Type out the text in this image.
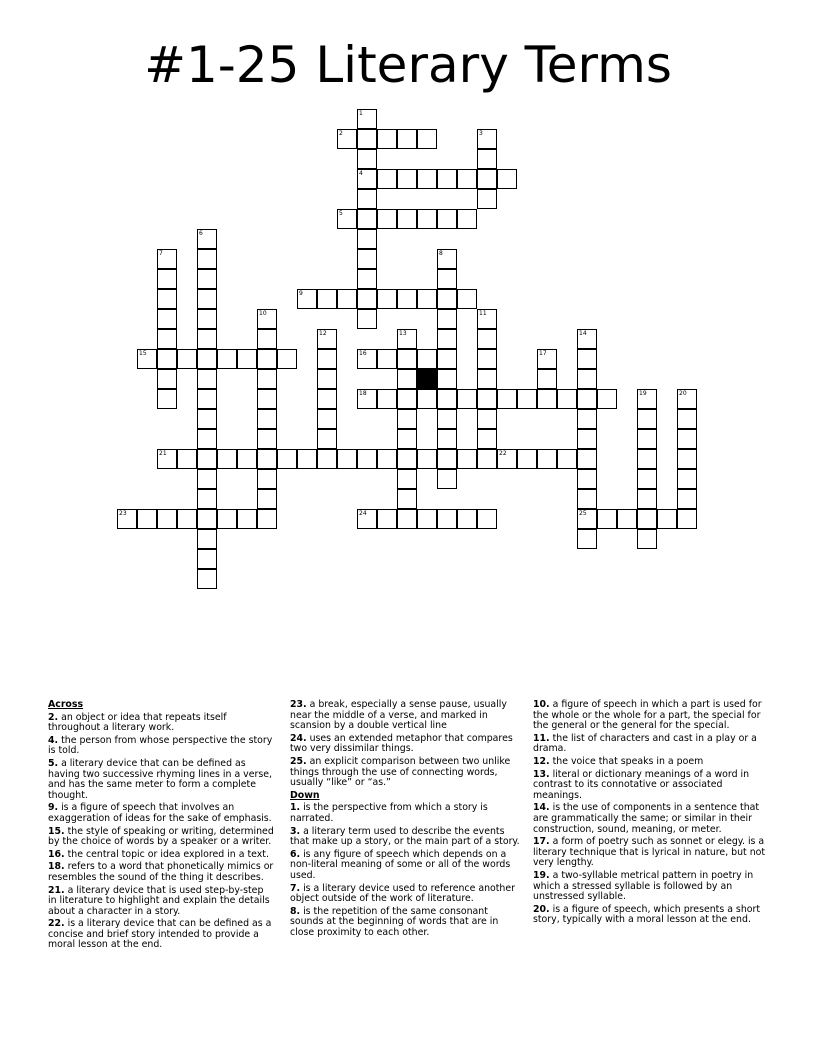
#1-25 Literary Terms
1
2	3
4
5
6
7	8
9
10	11
12	13	14
15	16	17
18	19	20
21	22
23	24	25
Across
2. an object or idea that repeats itself throughout a literary work.
4. the person from whose perspective the story is told.
5. a literary device that can be defined as having two successive rhyming lines in a verse, and has the same meter to form a complete thought.
9. is a figure of speech that involves an exaggeration of ideas for the sake of emphasis.
15. the style of speaking or writing, determined by the choice of words by a speaker or a writer.
16. the central topic or idea explored in a text.
18. refers to a word that phonetically mimics or resembles the sound of the thing it describes.
21. a literary device that is used step-by-step in literature to highlight and explain the details about a character in a story.
22. is a literary device that can be defined as a concise and brief story intended to provide a moral lesson at the end.
23. a break, especially a sense pause, usually near the middle of a verse, and marked in scansion by a double vertical line
24. uses an extended metaphor that compares two very dissimilar things.
25. an explicit comparison between two unlike things through the use of connecting words, usually “like” or “as.”
Down
1. is the perspective from which a story is narrated.
3. a literary term used to describe the events that make up a story, or the main part of a story.
6. is any figure of speech which depends on a non-literal meaning of some or all of the words used.
7. is a literary device used to reference another object outside of the work of literature.
8. is the repetition of the same consonant sounds at the beginning of words that are in close proximity to each other.
10. a figure of speech in which a part is used for the whole or the whole for a part, the special for the general or the general for the special.
11. the list of characters and cast in a play or a drama.
12. the voice that speaks in a poem
13. literal or dictionary meanings of a word in contrast to its connotative or associated meanings.
14. is the use of components in a sentence that are grammatically the same; or similar in their construction, sound, meaning, or meter.
17. a form of poetry such as sonnet or elegy. is a literary technique that is lyrical in nature, but not very lengthy.
19. a two-syllable metrical pattern in poetry in which a stressed syllable is followed by an unstressed syllable.
20. is a figure of speech, which presents a short story, typically with a moral lesson at the end.
